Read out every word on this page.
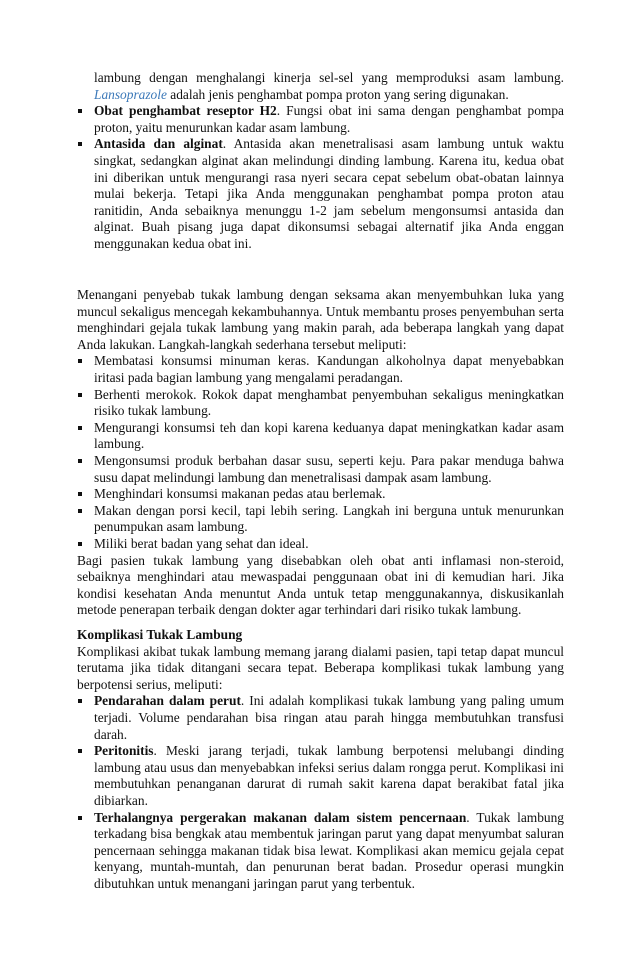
lambung dengan menghalangi kinerja sel-sel yang memproduksi asam lambung. Lansoprazole adalah jenis penghambat pompa proton yang sering digunakan.

Obat penghambat reseptor H2. Fungsi obat ini sama dengan penghambat pompa proton, yaitu menurunkan kadar asam lambung.
Antasida dan alginat. Antasida akan menetralisasi asam lambung untuk waktu singkat, sedangkan alginat akan melindungi dinding lambung. Karena itu, kedua obat ini diberikan untuk mengurangi rasa nyeri secara cepat sebelum obat-obatan lainnya mulai bekerja. Tetapi jika Anda menggunakan penghambat pompa proton atau ranitidin, Anda sebaiknya menunggu 1-2 jam sebelum mengonsumsi antasida dan alginat. Buah pisang juga dapat dikonsumsi sebagai alternatif jika Anda enggan menggunakan kedua obat ini.

Menangani penyebab tukak lambung dengan seksama akan menyembuhkan luka yang muncul sekaligus mencegah kekambuhannya. Untuk membantu proses penyembuhan serta menghindari gejala tukak lambung yang makin parah, ada beberapa langkah yang dapat Anda lakukan. Langkah-langkah sederhana tersebut meliputi:

Membatasi konsumsi minuman keras. Kandungan alkoholnya dapat menyebabkan iritasi pada bagian lambung yang mengalami peradangan.
Berhenti merokok. Rokok dapat menghambat penyembuhan sekaligus meningkatkan risiko tukak lambung.
Mengurangi konsumsi teh dan kopi karena keduanya dapat meningkatkan kadar asam lambung.
Mengonsumsi produk berbahan dasar susu, seperti keju. Para pakar menduga bahwa susu dapat melindungi lambung dan menetralisasi dampak asam lambung.
Menghindari konsumsi makanan pedas atau berlemak.
Makan dengan porsi kecil, tapi lebih sering. Langkah ini berguna untuk menurunkan penumpukan asam lambung.
Miliki berat badan yang sehat dan ideal.

Bagi pasien tukak lambung yang disebabkan oleh obat anti inflamasi non-steroid, sebaiknya menghindari atau mewaspadai penggunaan obat ini di kemudian hari. Jika kondisi kesehatan Anda menuntut Anda untuk tetap menggunakannya, diskusikanlah metode penerapan terbaik dengan dokter agar terhindari dari risiko tukak lambung.

Komplikasi Tukak Lambung

Komplikasi akibat tukak lambung memang jarang dialami pasien, tapi tetap dapat muncul terutama jika tidak ditangani secara tepat. Beberapa komplikasi tukak lambung yang berpotensi serius, meliputi:

Pendarahan dalam perut. Ini adalah komplikasi tukak lambung yang paling umum terjadi. Volume pendarahan bisa ringan atau parah hingga membutuhkan transfusi darah.
Peritonitis. Meski jarang terjadi, tukak lambung berpotensi melubangi dinding lambung atau usus dan menyebabkan infeksi serius dalam rongga perut. Komplikasi ini membutuhkan penanganan darurat di rumah sakit karena dapat berakibat fatal jika dibiarkan.
Terhalangnya pergerakan makanan dalam sistem pencernaan. Tukak lambung terkadang bisa bengkak atau membentuk jaringan parut yang dapat menyumbat saluran pencernaan sehingga makanan tidak bisa lewat. Komplikasi akan memicu gejala cepat kenyang, muntah-muntah, dan penurunan berat badan. Prosedur operasi mungkin dibutuhkan untuk menangani jaringan parut yang terbentuk.
